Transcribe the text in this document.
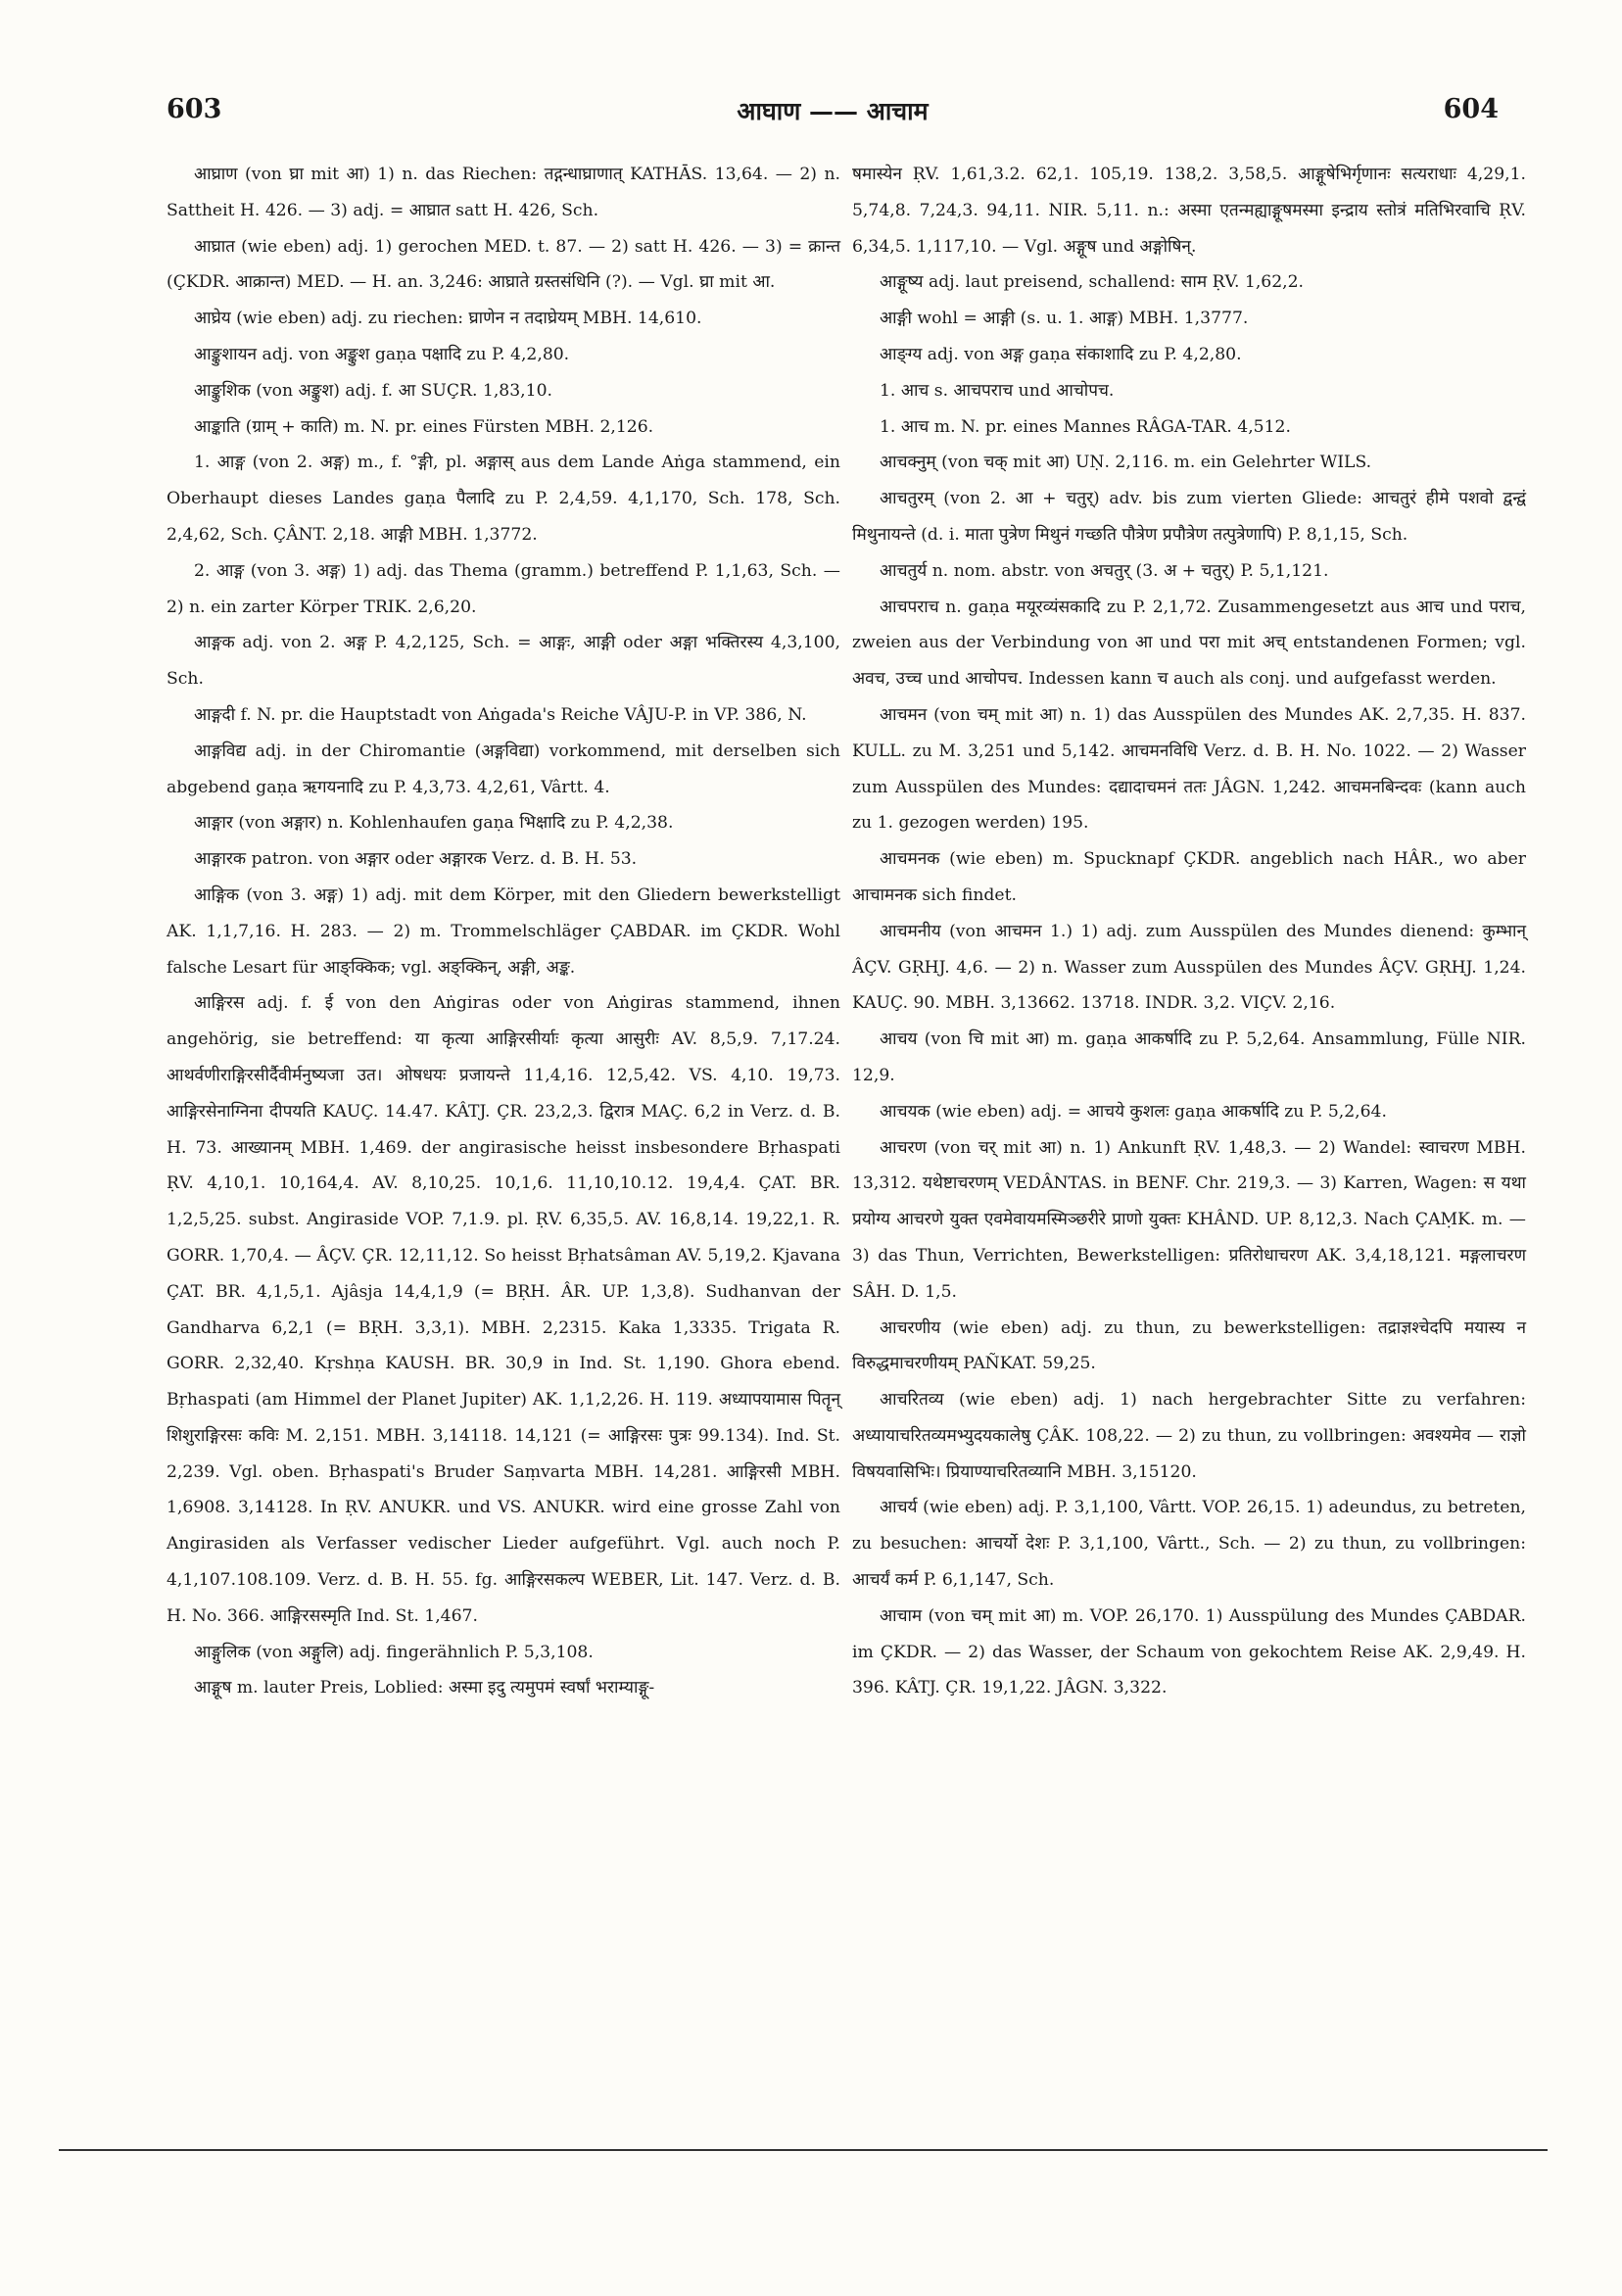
603	आघाण —— आचाम	604

आघ्राण (von घ्रा mit आ) 1) n. das Riechen: तद्गन्धाघ्राणात् KATHĀS. 13,64. — 2) n. Sattheit H. 426. — 3) adj. = आघ्रात satt H. 426, Sch.

आघ्रात (wie eben) adj. 1) gerochen MED. t. 87. — 2) satt H. 426. — 3) = क्रान्त (ÇKDR. आक्रान्त) MED. — H. an. 3,246: आघ्राते ग्रस्तसंधिनि (?). — Vgl. घ्रा mit आ.

आघ्रेय (wie eben) adj. zu riechen: घ्राणेन न तदाघ्रेयम् MBH. 14,610.

आङ्कुशायन adj. von अङ्कुश gaṇa पक्षादि zu P. 4,2,80.

आङ्कुशिक (von अङ्कुश) adj. f. आ SUÇR. 1,83,10.

आङ्काति (ग्राम् + काति) m. N. pr. eines Fürsten MBH. 2,126.

1. आङ्ग (von 2. अङ्ग) m., f. °ङ्गी, pl. अङ्गास् aus dem Lande Aṅga stammend, ein Oberhaupt dieses Landes gaṇa पैलादि zu P. 2,4,59. 4,1,170, Sch. 178, Sch. 2,4,62, Sch. ÇÂNT. 2,18. आङ्गी MBH. 1,3772.

2. आङ्ग (von 3. अङ्ग) 1) adj. das Thema (gramm.) betreffend P. 1,1,63, Sch. — 2) n. ein zarter Körper TRIK. 2,6,20.

आङ्गक adj. von 2. अङ्ग P. 4,2,125, Sch. = आङ्गः, आङ्गी oder अङ्गा भक्तिरस्य 4,3,100, Sch.

आङ्गदी f. N. pr. die Hauptstadt von Aṅgada's Reiche VÂJU-P. in VP. 386, N.

आङ्गविद्य adj. in der Chiromantie (अङ्गविद्या) vorkommend, mit derselben sich abgebend gaṇa ऋगयनादि zu P. 4,3,73. 4,2,61, Vârtt. 4.

आङ्गार (von अङ्गार) n. Kohlenhaufen gaṇa भिक्षादि zu P. 4,2,38.

आङ्गारक patron. von अङ्गार oder अङ्गारक Verz. d. B. H. 53.

आङ्गिक (von 3. अङ्ग) 1) adj. mit dem Körper, mit den Gliedern bewerkstelligt AK. 1,1,7,16. H. 283. — 2) m. Trommelschläger ÇABDAR. im ÇKDR. Wohl falsche Lesart für आङ्क्किक; vgl. अङ्क्किन्, अङ्गी, अङ्क.

आङ्गिरस adj. f. ई von den Aṅgiras oder von Aṅgiras stammend, ihnen angehörig, sie betreffend: या कृत्या आङ्गिरसीर्याः कृत्या आसुरीः AV. 8,5,9. 7,17.24. आथर्वणीराङ्गिरसीर्दैवीर्मनुष्यजा उत। ओषधयः प्रजायन्ते 11,4,16. 12,5,42. VS. 4,10. 19,73. आङ्गिरसेनाग्निना दीपयति KAUÇ. 14.47. KÂTJ. ÇR. 23,2,3. द्विरात्र MAÇ. 6,2 in Verz. d. B. H. 73. आख्यानम् MBH. 1,469. der angirasische heisst insbesondere Bṛhaspati ṚV. 4,10,1. 10,164,4. AV. 8,10,25. 10,1,6. 11,10,10.12. 19,4,4. ÇAT. BR. 1,2,5,25. subst. Angiraside VOP. 7,1.9. pl. ṚV. 6,35,5. AV. 16,8,14. 19,22,1. R. GORR. 1,70,4. — ÂÇV. ÇR. 12,11,12. So heisst Bṛhatsâman AV. 5,19,2. Kjavana ÇAT. BR. 4,1,5,1. Ajâsja 14,4,1,9 (= BṚH. ÂR. UP. 1,3,8). Sudhanvan der Gandharva 6,2,1 (= BṚH. 3,3,1). MBH. 2,2315. Kaka 1,3335. Trigata R. GORR. 2,32,40. Kṛshṇa KAUSH. BR. 30,9 in Ind. St. 1,190. Ghora ebend. Bṛhaspati (am Himmel der Planet Jupiter) AK. 1,1,2,26. H. 119. अध्यापयामास पितॄन् शिशुराङ्गिरसः कविः M. 2,151. MBH. 3,14118. 14,121 (= आङ्गिरसः पुत्रः 99.134). Ind. St. 2,239. Vgl. oben. Bṛhaspati's Bruder Saṃvarta MBH. 14,281. आङ्गिरसी MBH. 1,6908. 3,14128. In ṚV. ANUKR. und VS. ANUKR. wird eine grosse Zahl von Angirasiden als Verfasser vedischer Lieder aufgeführt. Vgl. auch noch P. 4,1,107.108.109. Verz. d. B. H. 55. fg. आङ्गिरसकल्प WEBER, Lit. 147. Verz. d. B. H. No. 366. आङ्गिरसस्मृति Ind. St. 1,467.

आङ्गुलिक (von अङ्गुलि) adj. fingerähnlich P. 5,3,108.

आङ्गूष m. lauter Preis, Loblied: अस्मा इदु त्यमुपमं स्वर्षां भराम्याङ्गू-

षमास्येन ṚV. 1,61,3.2. 62,1. 105,19. 138,2. 3,58,5. आङ्गूषेभिर्गृणानः सत्यराधाः 4,29,1. 5,74,8. 7,24,3. 94,11. NIR. 5,11. n.: अस्मा एतन्मह्याङ्गूषमस्मा इन्द्राय स्तोत्रं मतिभिरवाचि ṚV. 6,34,5. 1,117,10. — Vgl. अङ्गूष und अङ्गोषिन्.

आङ्गूष्य adj. laut preisend, schallend: साम ṚV. 1,62,2.

आङ्गी wohl = आङ्गी (s. u. 1. आङ्ग) MBH. 1,3777.

आङ्ग्य adj. von अङ्ग gaṇa संकाशादि zu P. 4,2,80.

1. आच s. आचपराच und आचोपच.

1. आच m. N. pr. eines Mannes RÂGA-TAR. 4,512.

आचक्नुम् (von चक् mit आ) UṆ. 2,116. m. ein Gelehrter WILS.

आचतुरम् (von 2. आ + चतुर्) adv. bis zum vierten Gliede: आचतुरं हीमे पशवो द्वन्द्वं मिथुनायन्ते (d. i. माता पुत्रेण मिथुनं गच्छति पौत्रेण प्रपौत्रेण तत्पुत्रेणापि) P. 8,1,15, Sch.

आचतुर्य n. nom. abstr. von अचतुर् (3. अ + चतुर्) P. 5,1,121.

आचपराच n. gaṇa मयूरव्यंसकादि zu P. 2,1,72. Zusammengesetzt aus आच und पराच, zweien aus der Verbindung von आ und परा mit अच् entstandenen Formen; vgl. अवच, उच्च und आचोपच. Indessen kann च auch als conj. und aufgefasst werden.

आचमन (von चम् mit आ) n. 1) das Ausspülen des Mundes AK. 2,7,35. H. 837. KULL. zu M. 3,251 und 5,142. आचमनविधि Verz. d. B. H. No. 1022. — 2) Wasser zum Ausspülen des Mundes: दद्यादाचमनं ततः JÂGN. 1,242. आचमनबिन्दवः (kann auch zu 1. gezogen werden) 195.

आचमनक (wie eben) m. Spucknapf ÇKDR. angeblich nach HÂR., wo aber आचामनक sich findet.

आचमनीय (von आचमन 1.) 1) adj. zum Ausspülen des Mundes dienend: कुम्भान् ÂÇV. GṚHJ. 4,6. — 2) n. Wasser zum Ausspülen des Mundes ÂÇV. GṚHJ. 1,24. KAUÇ. 90. MBH. 3,13662. 13718. INDR. 3,2. VIÇV. 2,16.

आचय (von चि mit आ) m. gaṇa आकर्षादि zu P. 5,2,64. Ansammlung, Fülle NIR. 12,9.

आचयक (wie eben) adj. = आचये कुशलः gaṇa आकर्षादि zu P. 5,2,64.

आचरण (von चर् mit आ) n. 1) Ankunft ṚV. 1,48,3. — 2) Wandel: स्वाचरण MBH. 13,312. यथेष्टाचरणम् VEDÂNTAS. in BENF. Chr. 219,3. — 3) Karren, Wagen: स यथा प्रयोग्य आचरणे युक्त एवमेवायमस्मिञ्छरीरे प्राणो युक्तः KHÂND. UP. 8,12,3. Nach ÇAṂK. m. — 3) das Thun, Verrichten, Bewerkstelligen: प्रतिरोधाचरण AK. 3,4,18,121. मङ्गलाचरण SÂH. D. 1,5.

आचरणीय (wie eben) adj. zu thun, zu bewerkstelligen: तद्राज्ञश्चेदपि मयास्य न विरुद्धमाचरणीयम् PAÑKAT. 59,25.

आचरितव्य (wie eben) adj. 1) nach hergebrachter Sitte zu verfahren: अध्यायाचरितव्यमभ्युदयकालेषु ÇÂK. 108,22. — 2) zu thun, zu vollbringen: अवश्यमेव — राज्ञो विषयवासिभिः। प्रियाण्याचरितव्यानि MBH. 3,15120.

आचर्य (wie eben) adj. P. 3,1,100, Vârtt. VOP. 26,15. 1) adeundus, zu betreten, zu besuchen: आचर्यो देशः P. 3,1,100, Vârtt., Sch. — 2) zu thun, zu vollbringen: आचर्यं कर्म P. 6,1,147, Sch.

आचाम (von चम् mit आ) m. VOP. 26,170. 1) Ausspülung des Mundes ÇABDAR. im ÇKDR. — 2) das Wasser, der Schaum von gekochtem Reise AK. 2,9,49. H. 396. KÂTJ. ÇR. 19,1,22. JÂGN. 3,322.
